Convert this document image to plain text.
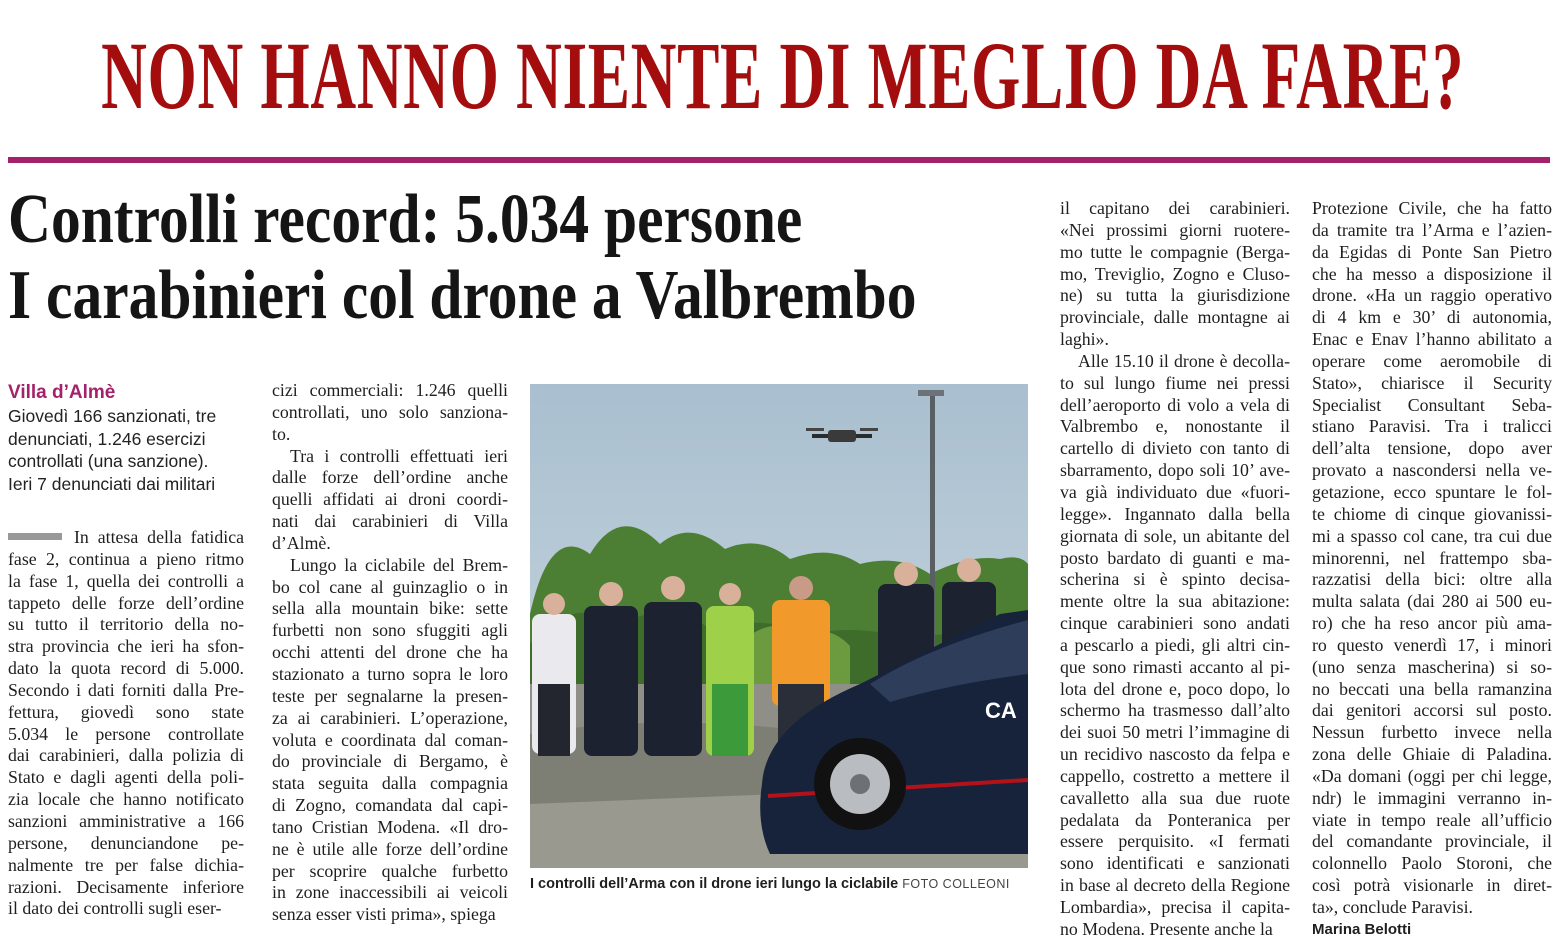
NON HANNO NIENTE DI MEGLIO DA FARE?
Controlli record: 5.034 persone
I carabinieri col drone a Valbrembo
Villa d’Almè
Giovedì 166 sanzionati, tre
denunciati, 1.246 esercizi
controllati (una sanzione).
Ieri 7 denunciati dai militari
In attesa della fatidica
fase 2, continua a pieno ritmo
la fase 1, quella dei controlli a
tappeto delle forze dell’ordine
su tutto il territorio della no-
stra provincia che ieri ha sfon-
dato la quota record di 5.000.
Secondo i dati forniti dalla Pre-
fettura, giovedì sono state
5.034 le persone controllate
dai carabinieri, dalla polizia di
Stato e dagli agenti della poli-
zia locale che hanno notificato
sanzioni amministrative a 166
persone, denunciandone pe-
nalmente tre per false dichia-
razioni. Decisamente inferiore
il dato dei controlli sugli eser-
cizi commerciali: 1.246 quelli
controllati, uno solo sanziona-
to.
Tra i controlli effettuati ieri
dalle forze dell’ordine anche
quelli affidati ai droni coordi-
nati dai carabinieri di Villa
d’Almè.
Lungo la ciclabile del Brem-
bo col cane al guinzaglio o in
sella alla mountain bike: sette
furbetti non sono sfuggiti agli
occhi attenti del drone che ha
stazionato a turno sopra le loro
teste per segnalarne la presen-
za ai carabinieri. L’operazione,
voluta e coordinata dal coman-
do provinciale di Bergamo, è
stata seguita dalla compagnia
di Zogno, comandata dal capi-
tano Cristian Modena. «Il dro-
ne è utile alle forze dell’ordine
per scoprire qualche furbetto
in zone inaccessibili ai veicoli
senza esser visti prima», spiega
il capitano dei carabinieri.
«Nei prossimi giorni ruotere-
mo tutte le compagnie (Berga-
mo, Treviglio, Zogno e Cluso-
ne) su tutta la giurisdizione
provinciale, dalle montagne ai
laghi».
Alle 15.10 il drone è decolla-
to sul lungo fiume nei pressi
dell’aeroporto di volo a vela di
Valbrembo e, nonostante il
cartello di divieto con tanto di
sbarramento, dopo soli 10’ ave-
va già individuato due «fuori-
legge». Ingannato dalla bella
giornata di sole, un abitante del
posto bardato di guanti e ma-
scherina si è spinto decisa-
mente oltre la sua abitazione:
cinque carabinieri sono andati
a pescarlo a piedi, gli altri cin-
que sono rimasti accanto al pi-
lota del drone e, poco dopo, lo
schermo ha trasmesso dall’alto
dei suoi 50 metri l’immagine di
un recidivo nascosto da felpa e
cappello, costretto a mettere il
cavalletto alla sua due ruote
pedalata da Ponteranica per
essere perquisito. «I fermati
sono identificati e sanzionati
in base al decreto della Regione
Lombardia», precisa il capita-
no Modena. Presente anche la
Protezione Civile, che ha fatto
da tramite tra l’Arma e l’azien-
da Egidas di Ponte San Pietro
che ha messo a disposizione il
drone. «Ha un raggio operativo
di 4 km e 30’ di autonomia,
Enac e Enav l’hanno abilitato a
operare come aeromobile di
Stato», chiarisce il Security
Specialist Consultant Seba-
stiano Paravisi. Tra i tralicci
dell’alta tensione, dopo aver
provato a nascondersi nella ve-
getazione, ecco spuntare le fol-
te chiome di cinque giovanissi-
mi a spasso col cane, tra cui due
minorenni, nel frattempo sba-
razzatisi della bici: oltre alla
multa salata (dai 280 ai 500 eu-
ro) che ha reso ancor più ama-
ro questo venerdì 17, i minori
(uno senza mascherina) si so-
no beccati una bella ramanzina
dai genitori accorsi sul posto.
Nessun furbetto invece nella
zona delle Ghiaie di Paladina.
«Da domani (oggi per chi legge,
ndr) le immagini verranno in-
viate in tempo reale all’ufficio
del comandante provinciale, il
colonnello Paolo Storoni, che
così potrà visionarle in diret-
ta», conclude Paravisi.
Marina Belotti
CA
I controlli dell’Arma con il drone ieri lungo la ciclabile FOTO COLLEONI
